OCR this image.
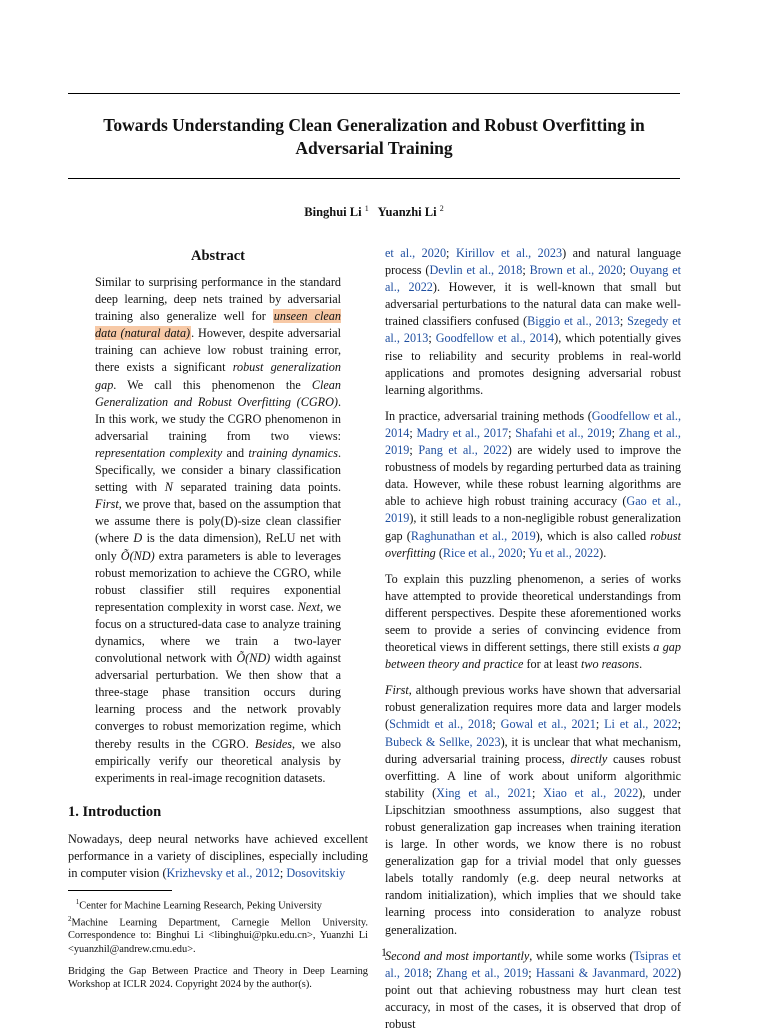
Towards Understanding Clean Generalization and Robust Overfitting in
Adversarial Training
Binghui Li $^1$ Yuanzhi Li $^2$
Abstract

Similar to surprising performance in the standard deep learning, deep nets trained by adversarial training also generalize well for unseen clean data (natural data). However, despite adversarial training can achieve low robust training error, there exists a significant robust generalization gap. We call this phenomenon the Clean Generalization and Robust Overfitting (CGRO). In this work, we study the CGRO phenomenon in adversarial training from two views: representation complexity and training dynamics. Specifically, we consider a binary classification setting with N separated training data points. First, we prove that, based on the assumption that we assume there is poly(D)-size clean classifier (where D is the data dimension), ReLU net with only Õ(ND) extra parameters is able to leverages robust memorization to achieve the CGRO, while robust classifier still requires exponential representation complexity in worst case. Next, we focus on a structured-data case to analyze training dynamics, where we train a two-layer convolutional network with Õ(ND) width against adversarial perturbation. We then show that a three-stage phase transition occurs during learning process and the network provably converges to robust memorization regime, which thereby results in the CGRO. Besides, we also empirically verify our theoretical analysis by experiments in real-image recognition datasets.

1. Introduction

Nowadays, deep neural networks have achieved excellent performance in a variety of disciplines, especially including in computer vision (Krizhevsky et al., 2012; Dosovitskiy

$^1$Center for Machine Learning Research, Peking University
$^2$Machine Learning Department, Carnegie Mellon University. Correspondence to: Binghui Li <libinghui@pku.edu.cn>, Yuanzhi Li <yuanzhil@andrew.cmu.edu>.

Bridging the Gap Between Practice and Theory in Deep Learning Workshop at ICLR 2024. Copyright 2024 by the author(s).

et al., 2020; Kirillov et al., 2023) and natural language process (Devlin et al., 2018; Brown et al., 2020; Ouyang et al., 2022). However, it is well-known that small but adversarial perturbations to the natural data can make well-trained classifiers confused (Biggio et al., 2013; Szegedy et al., 2013; Goodfellow et al., 2014), which potentially gives rise to reliability and security problems in real-world applications and promotes designing adversarial robust learning algorithms.

In practice, adversarial training methods (Goodfellow et al., 2014; Madry et al., 2017; Shafahi et al., 2019; Zhang et al., 2019; Pang et al., 2022) are widely used to improve the robustness of models by regarding perturbed data as training data. However, while these robust learning algorithms are able to achieve high robust training accuracy (Gao et al., 2019), it still leads to a non-negligible robust generalization gap (Raghunathan et al., 2019), which is also called robust overfitting (Rice et al., 2020; Yu et al., 2022).

To explain this puzzling phenomenon, a series of works have attempted to provide theoretical understandings from different perspectives. Despite these aforementioned works seem to provide a series of convincing evidence from theoretical views in different settings, there still exists a gap between theory and practice for at least two reasons.

First, although previous works have shown that adversarial robust generalization requires more data and larger models (Schmidt et al., 2018; Gowal et al., 2021; Li et al., 2022; Bubeck & Sellke, 2023), it is unclear that what mechanism, during adversarial training process, directly causes robust overfitting. A line of work about uniform algorithmic stability (Xing et al., 2021; Xiao et al., 2022), under Lipschitzian smoothness assumptions, also suggest that robust generalization gap increases when training iteration is large. In other words, we know there is no robust generalization gap for a trivial model that only guesses labels totally randomly (e.g. deep neural networks at random initialization), which implies that we should take learning process into consideration to analyze robust generalization.

Second and most importantly, while some works (Tsipras et al., 2018; Zhang et al., 2019; Hassani & Javanmard, 2022) point out that achieving robustness may hurt clean test accuracy, in most of the cases, it is observed that drop of robust

1
